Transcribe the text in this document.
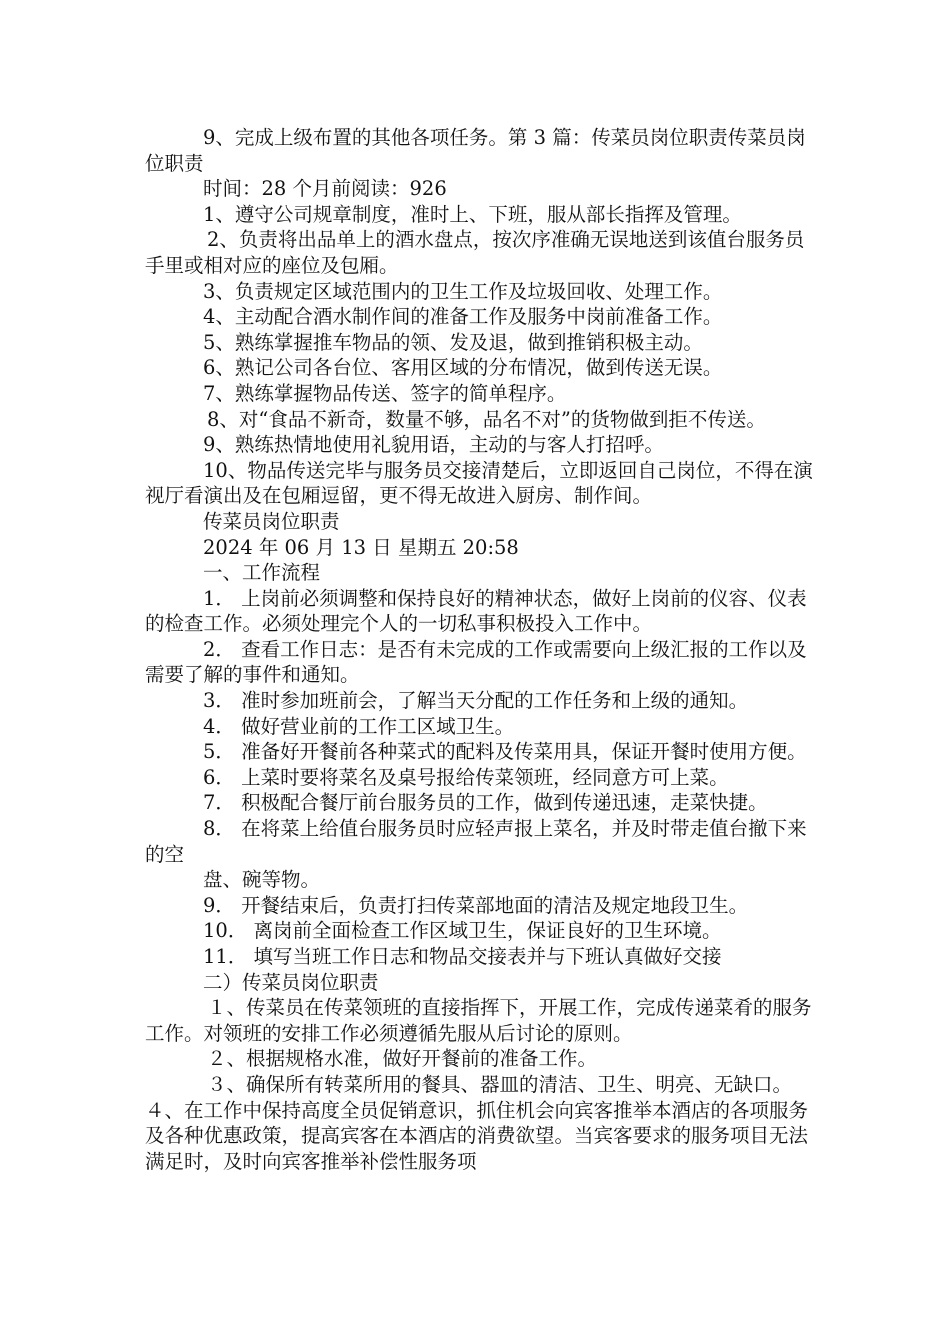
9、完成上级布置的其他各项任务。第 3 篇：传菜员岗位职责传菜员岗位职责

时间：28 个月前阅读：926

1、遵守公司规章制度，准时上、下班，服从部长指挥及管理。

2、负责将出品单上的酒水盘点，按次序准确无误地送到该值台服务员手里或相对应的座位及包厢。

3、负责规定区域范围内的卫生工作及垃圾回收、处理工作。

4、主动配合酒水制作间的准备工作及服务中岗前准备工作。

5、熟练掌握推车物品的领、发及退，做到推销积极主动。

6、熟记公司各台位、客用区域的分布情况，做到传送无误。

7、熟练掌握物品传送、签字的简单程序。

8、对“食品不新奇，数量不够，品名不对”的货物做到拒不传送。

9、熟练热情地使用礼貌用语，主动的与客人打招呼。

10、物品传送完毕与服务员交接清楚后，立即返回自己岗位，不得在演视厅看演出及在包厢逗留，更不得无故进入厨房、制作间。

传菜员岗位职责

2024 年 06 月 13 日 星期五 20:58

一、工作流程

1． 上岗前必须调整和保持良好的精神状态，做好上岗前的仪容、仪表的检查工作。必须处理完个人的一切私事积极投入工作中。

2． 查看工作日志：是否有未完成的工作或需要向上级汇报的工作以及需要了解的事件和通知。

3． 准时参加班前会，了解当天分配的工作任务和上级的通知。

4． 做好营业前的工作工区域卫生。

5． 准备好开餐前各种菜式的配料及传菜用具，保证开餐时使用方便。

6． 上菜时要将菜名及桌号报给传菜领班，经同意方可上菜。

7． 积极配合餐厅前台服务员的工作，做到传递迅速，走菜快捷。

8． 在将菜上给值台服务员时应轻声报上菜名，并及时带走值台撤下来的空

盘、碗等物。

9． 开餐结束后，负责打扫传菜部地面的清洁及规定地段卫生。

10． 离岗前全面检查工作区域卫生，保证良好的卫生环境。

11． 填写当班工作日志和物品交接表并与下班认真做好交接

二）传菜员岗位职责

１、传菜员在传菜领班的直接指挥下，开展工作，完成传递菜肴的服务工作。对领班的安排工作必须遵循先服从后讨论的原则。

２、根据规格水准，做好开餐前的准备工作。

３、确保所有转菜所用的餐具、器皿的清洁、卫生、明亮、无缺口。 ４、在工作中保持高度全员促销意识，抓住机会向宾客推举本酒店的各项服务及各种优惠政策，提高宾客在本酒店的消费欲望。当宾客要求的服务项目无法满足时，及时向宾客推举补偿性服务项
